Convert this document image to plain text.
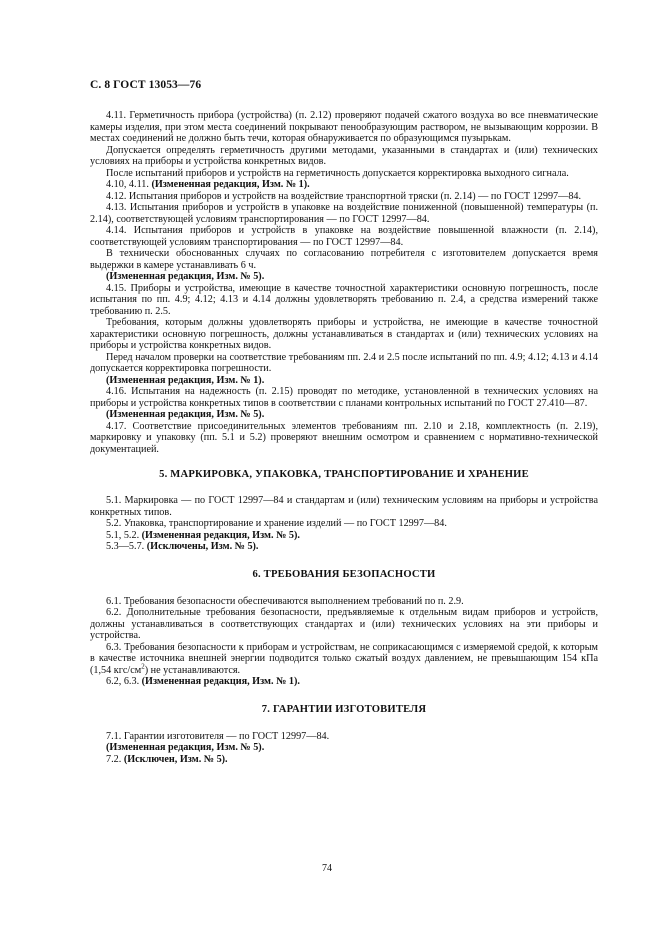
С. 8 ГОСТ 13053—76

4.11. Герметичность прибора (устройства) (п. 2.12) проверяют подачей сжатого воздуха во все пневматические камеры изделия, при этом места соединений покрывают пенообразующим раствором, не вызывающим коррозии. В местах соединений не должно быть течи, которая обнаруживается по образующимся пузырькам.

Допускается определять герметичность другими методами, указанными в стандартах и (или) технических условиях на приборы и устройства конкретных видов.

После испытаний приборов и устройств на герметичность допускается корректировка выходного сигнала.

4.10, 4.11. (Измененная редакция, Изм. № 1).

4.12. Испытания приборов и устройств на воздействие транспортной тряски (п. 2.14) — по ГОСТ 12997—84.

4.13. Испытания приборов и устройств в упаковке на воздействие пониженной (повышенной) температуры (п. 2.14), соответствующей условиям транспортирования — по ГОСТ 12997—84.

4.14. Испытания приборов и устройств в упаковке на воздействие повышенной влажности (п. 2.14), соответствующей условиям транспортирования — по ГОСТ 12997—84.

В технически обоснованных случаях по согласованию потребителя с изготовителем допускается время выдержки в камере устанавливать 6 ч.

(Измененная редакция, Изм. № 5).

4.15. Приборы и устройства, имеющие в качестве точностной характеристики основную погрешность, после испытания по пп. 4.9; 4.12; 4.13 и 4.14 должны удовлетворять требованию п. 2.4, а средства измерений также требованию п. 2.5.

Требования, которым должны удовлетворять приборы и устройства, не имеющие в качестве точностной характеристики основную погрешность, должны устанавливаться в стандартах и (или) технических условиях на приборы и устройства конкретных видов.

Перед началом проверки на соответствие требованиям пп. 2.4 и 2.5 после испытаний по пп. 4.9; 4.12; 4.13 и 4.14 допускается корректировка погрешности.

(Измененная редакция, Изм. № 1).

4.16. Испытания на надежность (п. 2.15) проводят по методике, установленной в технических условиях на приборы и устройства конкретных типов в соответствии с планами контрольных испытаний по ГОСТ 27.410—87.

(Измененная редакция, Изм. № 5).

4.17. Соответствие присоединительных элементов требованиям пп. 2.10 и 2.18, комплектность (п. 2.19), маркировку и упаковку (пп. 5.1 и 5.2) проверяют внешним осмотром и сравнением с нормативно-технической документацией.

5. МАРКИРОВКА, УПАКОВКА, ТРАНСПОРТИРОВАНИЕ И ХРАНЕНИЕ

5.1. Маркировка — по ГОСТ 12997—84 и стандартам и (или) техническим условиям на приборы и устройства конкретных типов.

5.2. Упаковка, транспортирование и хранение изделий — по ГОСТ 12997—84.

5.1, 5.2. (Измененная редакция, Изм. № 5).

5.3—5.7. (Исключены, Изм. № 5).

6. ТРЕБОВАНИЯ БЕЗОПАСНОСТИ

6.1. Требования безопасности обеспечиваются выполнением требований по п. 2.9.

6.2. Дополнительные требования безопасности, предъявляемые к отдельным видам приборов и устройств, должны устанавливаться в соответствующих стандартах и (или) технических условиях на эти приборы и устройства.

6.3. Требования безопасности к приборам и устройствам, не соприкасающимся с измеряемой средой, к которым в качестве источника внешней энергии подводится только сжатый воздух давлением, не превышающим 154 кПа (1,54 кгс/$см^2$) не устанавливаются.

6.2, 6.3. (Измененная редакция, Изм. № 1).

7. ГАРАНТИИ ИЗГОТОВИТЕЛЯ

7.1. Гарантии изготовителя — по ГОСТ 12997—84.

(Измененная редакция, Изм. № 5).

7.2. (Исключен, Изм. № 5).

74
